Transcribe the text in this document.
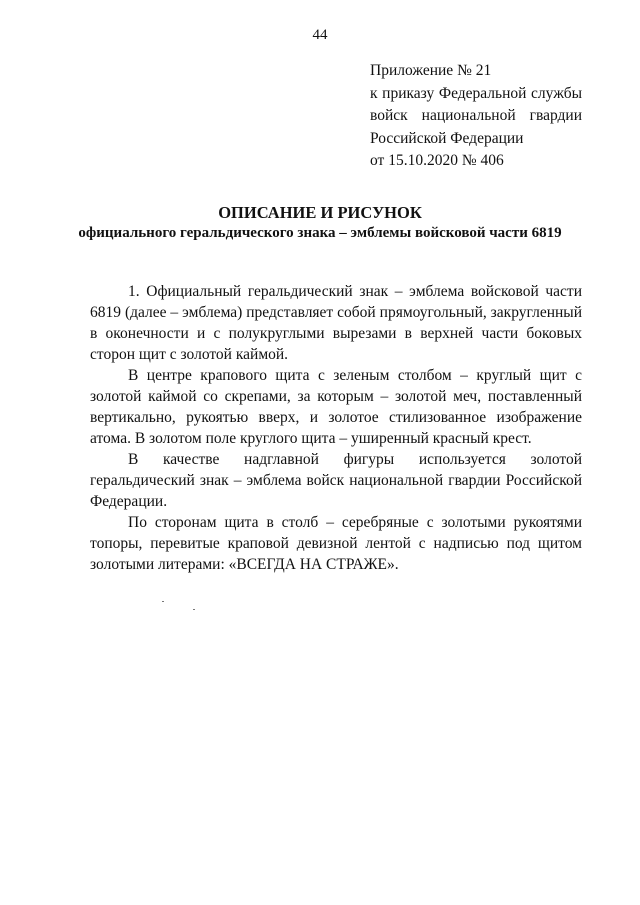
44
Приложение № 21
к приказу Федеральной службы
войск национальной гвардии
Российской Федерации
от 15.10.2020 № 406
ОПИСАНИЕ И РИСУНОК
официального геральдического знака – эмблемы войсковой части 6819

1. Официальный геральдический знак – эмблема войсковой части 6819 (далее – эмблема) представляет собой прямоугольный, закругленный в оконечности и с полукруглыми вырезами в верхней части боковых сторон щит с золотой каймой.

В центре крапового щита с зеленым столбом – круглый щит с золотой каймой со скрепами, за которым – золотой меч, поставленный вертикально, рукоятью вверх, и золотое стилизованное изображение атома. В золотом поле круглого щита – уширенный красный крест.

В качестве надглавной фигуры используется золотой геральдический знак – эмблема войск национальной гвардии Российской Федерации.

По сторонам щита в столб – серебряные с золотыми рукоятями топоры, перевитые краповой девизной лентой с надписью под щитом золотыми литерами: «ВСЕГДА НА СТРАЖЕ».
